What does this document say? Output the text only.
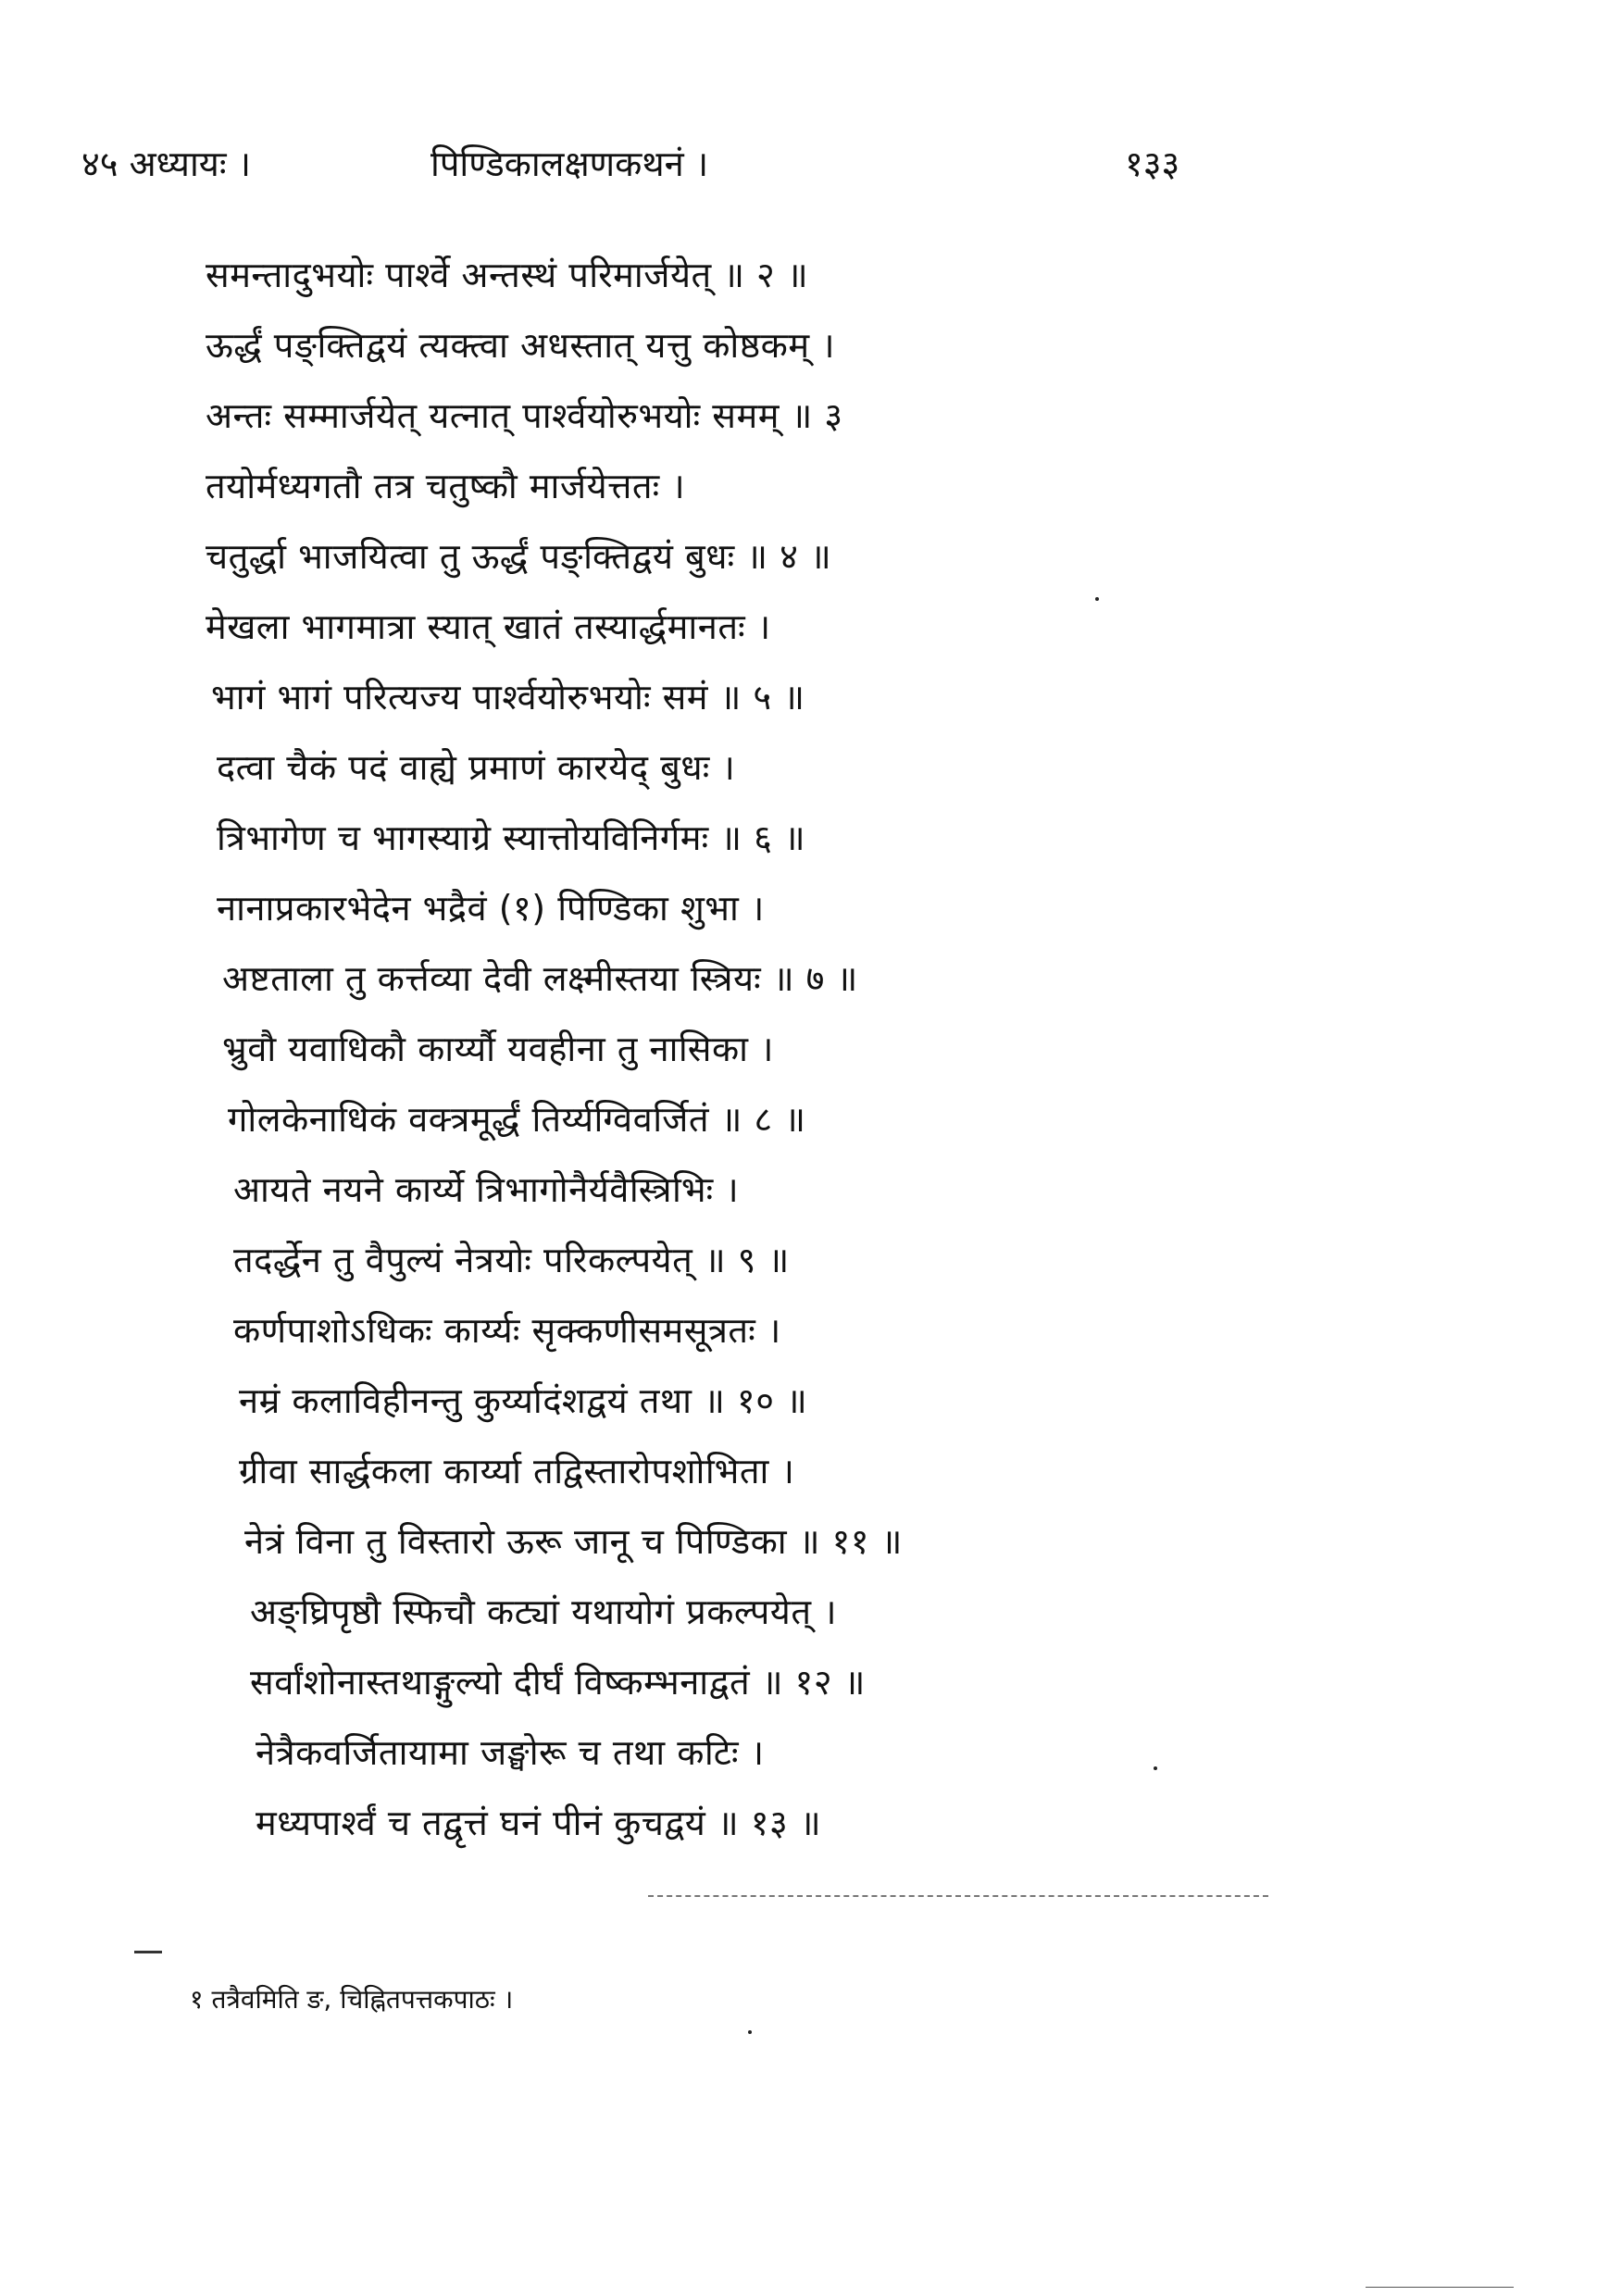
४५ अध्यायः ।	पिण्डिकालक्षणकथनं ।	१३३
समन्तादुभयोः पार्श्वे अन्तस्थं परिमार्जयेत् ॥ २ ॥
ऊर्द्धं पङ्क्तिद्वयं त्यक्त्वा अधस्तात् यत्तु कोष्ठकम् ।
अन्तः सम्मार्जयेत् यत्नात् पार्श्वयोरुभयोः समम् ॥ ३
तयोर्मध्यगतौ तत्र चतुष्कौ मार्जयेत्ततः ।
चतुर्द्धा भाजयित्वा तु ऊर्द्धं पङ्क्तिद्वयं बुधः ॥ ४ ॥
मेखला भागमात्रा स्यात् खातं तस्यार्द्धमानतः ।
भागं भागं परित्यज्य पार्श्वयोरुभयोः समं ॥ ५ ॥
दत्वा चैकं पदं वाह्ये प्रमाणं कारयेद् बुधः ।
त्रिभागेण च भागस्याग्रे स्यात्तोयविनिर्गमः ॥ ६ ॥
नानाप्रकारभेदेन भद्रैवं (१) पिण्डिका शुभा ।
अष्टताला तु कर्त्तव्या देवी लक्ष्मीस्तया स्त्रियः ॥ ७ ॥
भ्रुवौ यवाधिकौ कार्य्यौ यवहीना तु नासिका ।
गोलकेनाधिकं वक्त्रमूर्द्धं तिर्य्यग्विवर्जितं ॥ ८ ॥
आयते नयने कार्य्ये त्रिभागोनैर्यवैस्त्रिभिः ।
तदर्द्धेन तु वैपुल्यं नेत्रयोः परिकल्पयेत् ॥ ९ ॥
कर्णपाशोऽधिकः कार्य्यः सृक्कणीसमसूत्रतः ।
नम्रं कलाविहीनन्तु कुर्य्यादंशद्वयं तथा ॥ १० ॥
ग्रीवा सार्द्धकला कार्य्या तद्विस्तारोपशोभिता ।
नेत्रं विना तु विस्तारो ऊरू जानू च पिण्डिका ॥ ११ ॥
अङ्घ्रिपृष्ठौ स्फिचौ कट्यां यथायोगं प्रकल्पयेत् ।
सर्वांशोनास्तथाङ्गुल्यो दीर्घं विष्कम्भनाद्वतं ॥ १२ ॥
नेत्रैकवर्जितायामा जङ्घोरू च तथा कटिः ।
मध्यपार्श्वं च तद्वृत्तं घनं पीनं कुचद्वयं ॥ १३ ॥
१ तत्रैवमिति ङ, चिह्नितपत्तकपाठः ।
